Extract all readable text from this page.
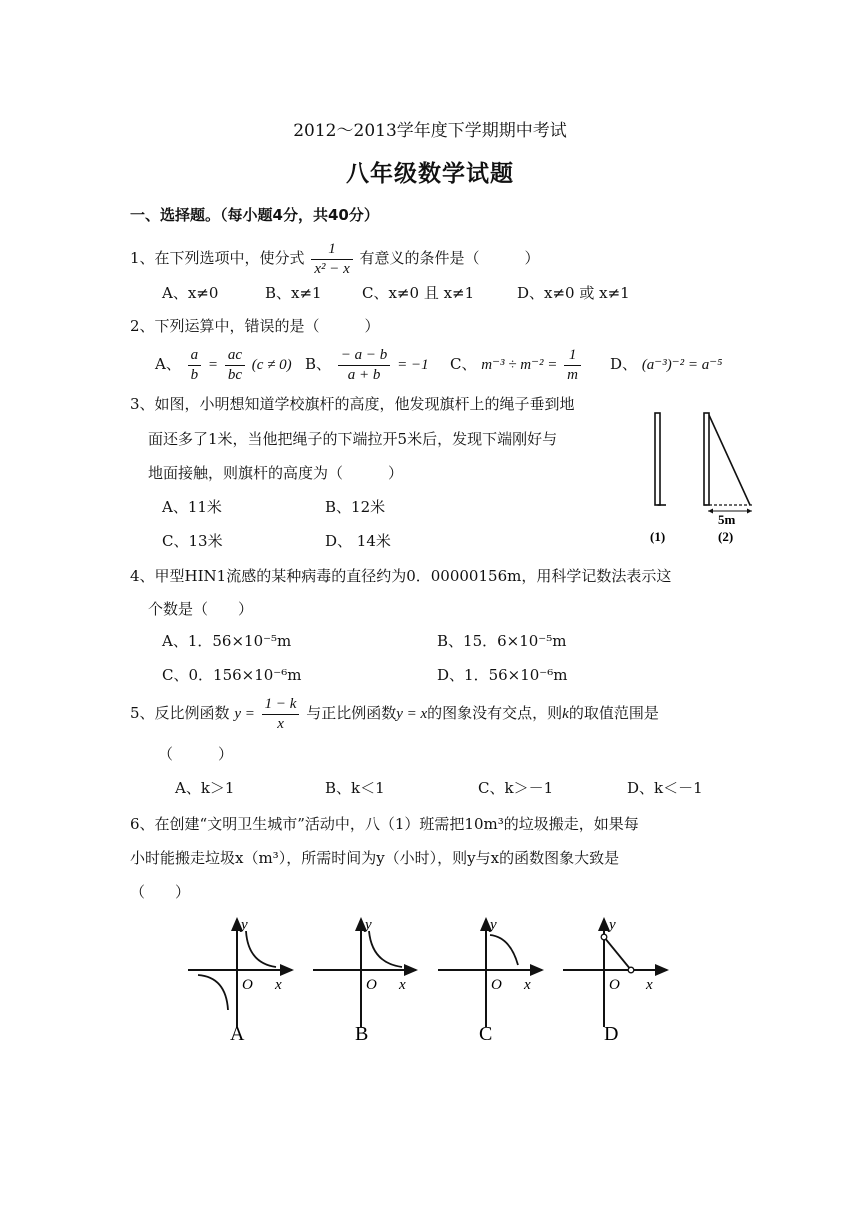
2012～2013学年度下学期期中考试
八年级数学试题
一、选择题。（每小题4分，共40分）
1、在下列选项中，使分式 $\frac{1}{\text{x² − x}}$ 有意义的条件是（　　　）
A、x≠0	B、x≠1	C、x≠0 且 x≠1	D、x≠0 或 x≠1
2、下列运算中，错误的是（　　　）
A、 $\frac{a}{b} = \frac{ac}{bc} (c \ne 0)$ B、 $\frac{- a - b}{a + b} = -1$ C、 $m^{-3} \div m^{-2} = \frac{1}{m}$ D、 (a⁻³)⁻² = a⁻⁵
3、如图，小明想知道学校旗杆的高度，他发现旗杆上的绳子垂到地
面还多了1米，当他把绳子的下端拉开5米后，发现下端刚好与
地面接触，则旗杆的高度为（　　　）
A、11米	B、12米
C、13米	D、 14米
5m
(1)	(2)
4、甲型HIN1流感的某种病毒的直径约为0．00000156m，用科学记数法表示这
个数是（　　）
A、1．56×10⁻⁵m	B、15．6×10⁻⁵m
C、0．156×10⁻⁶m	D、1．56×10⁻⁶m
5、反比例函数 $y = \frac{1 - k}{x}$ 与正比例函数y = x的图象没有交点，则k的取值范围是
（　　　）
A、k＞1	B、k＜1	C、k＞－1	D、k＜－1
6、在创建“文明卫生城市”活动中，八（1）班需把10m³的垃圾搬走，如果每
小时能搬走垃圾x（m³），所需时间为y（小时），则y与x的函数图象大致是
（　　）
y
O x
A
y
O x
B
y
O x
C
y
O x
D
